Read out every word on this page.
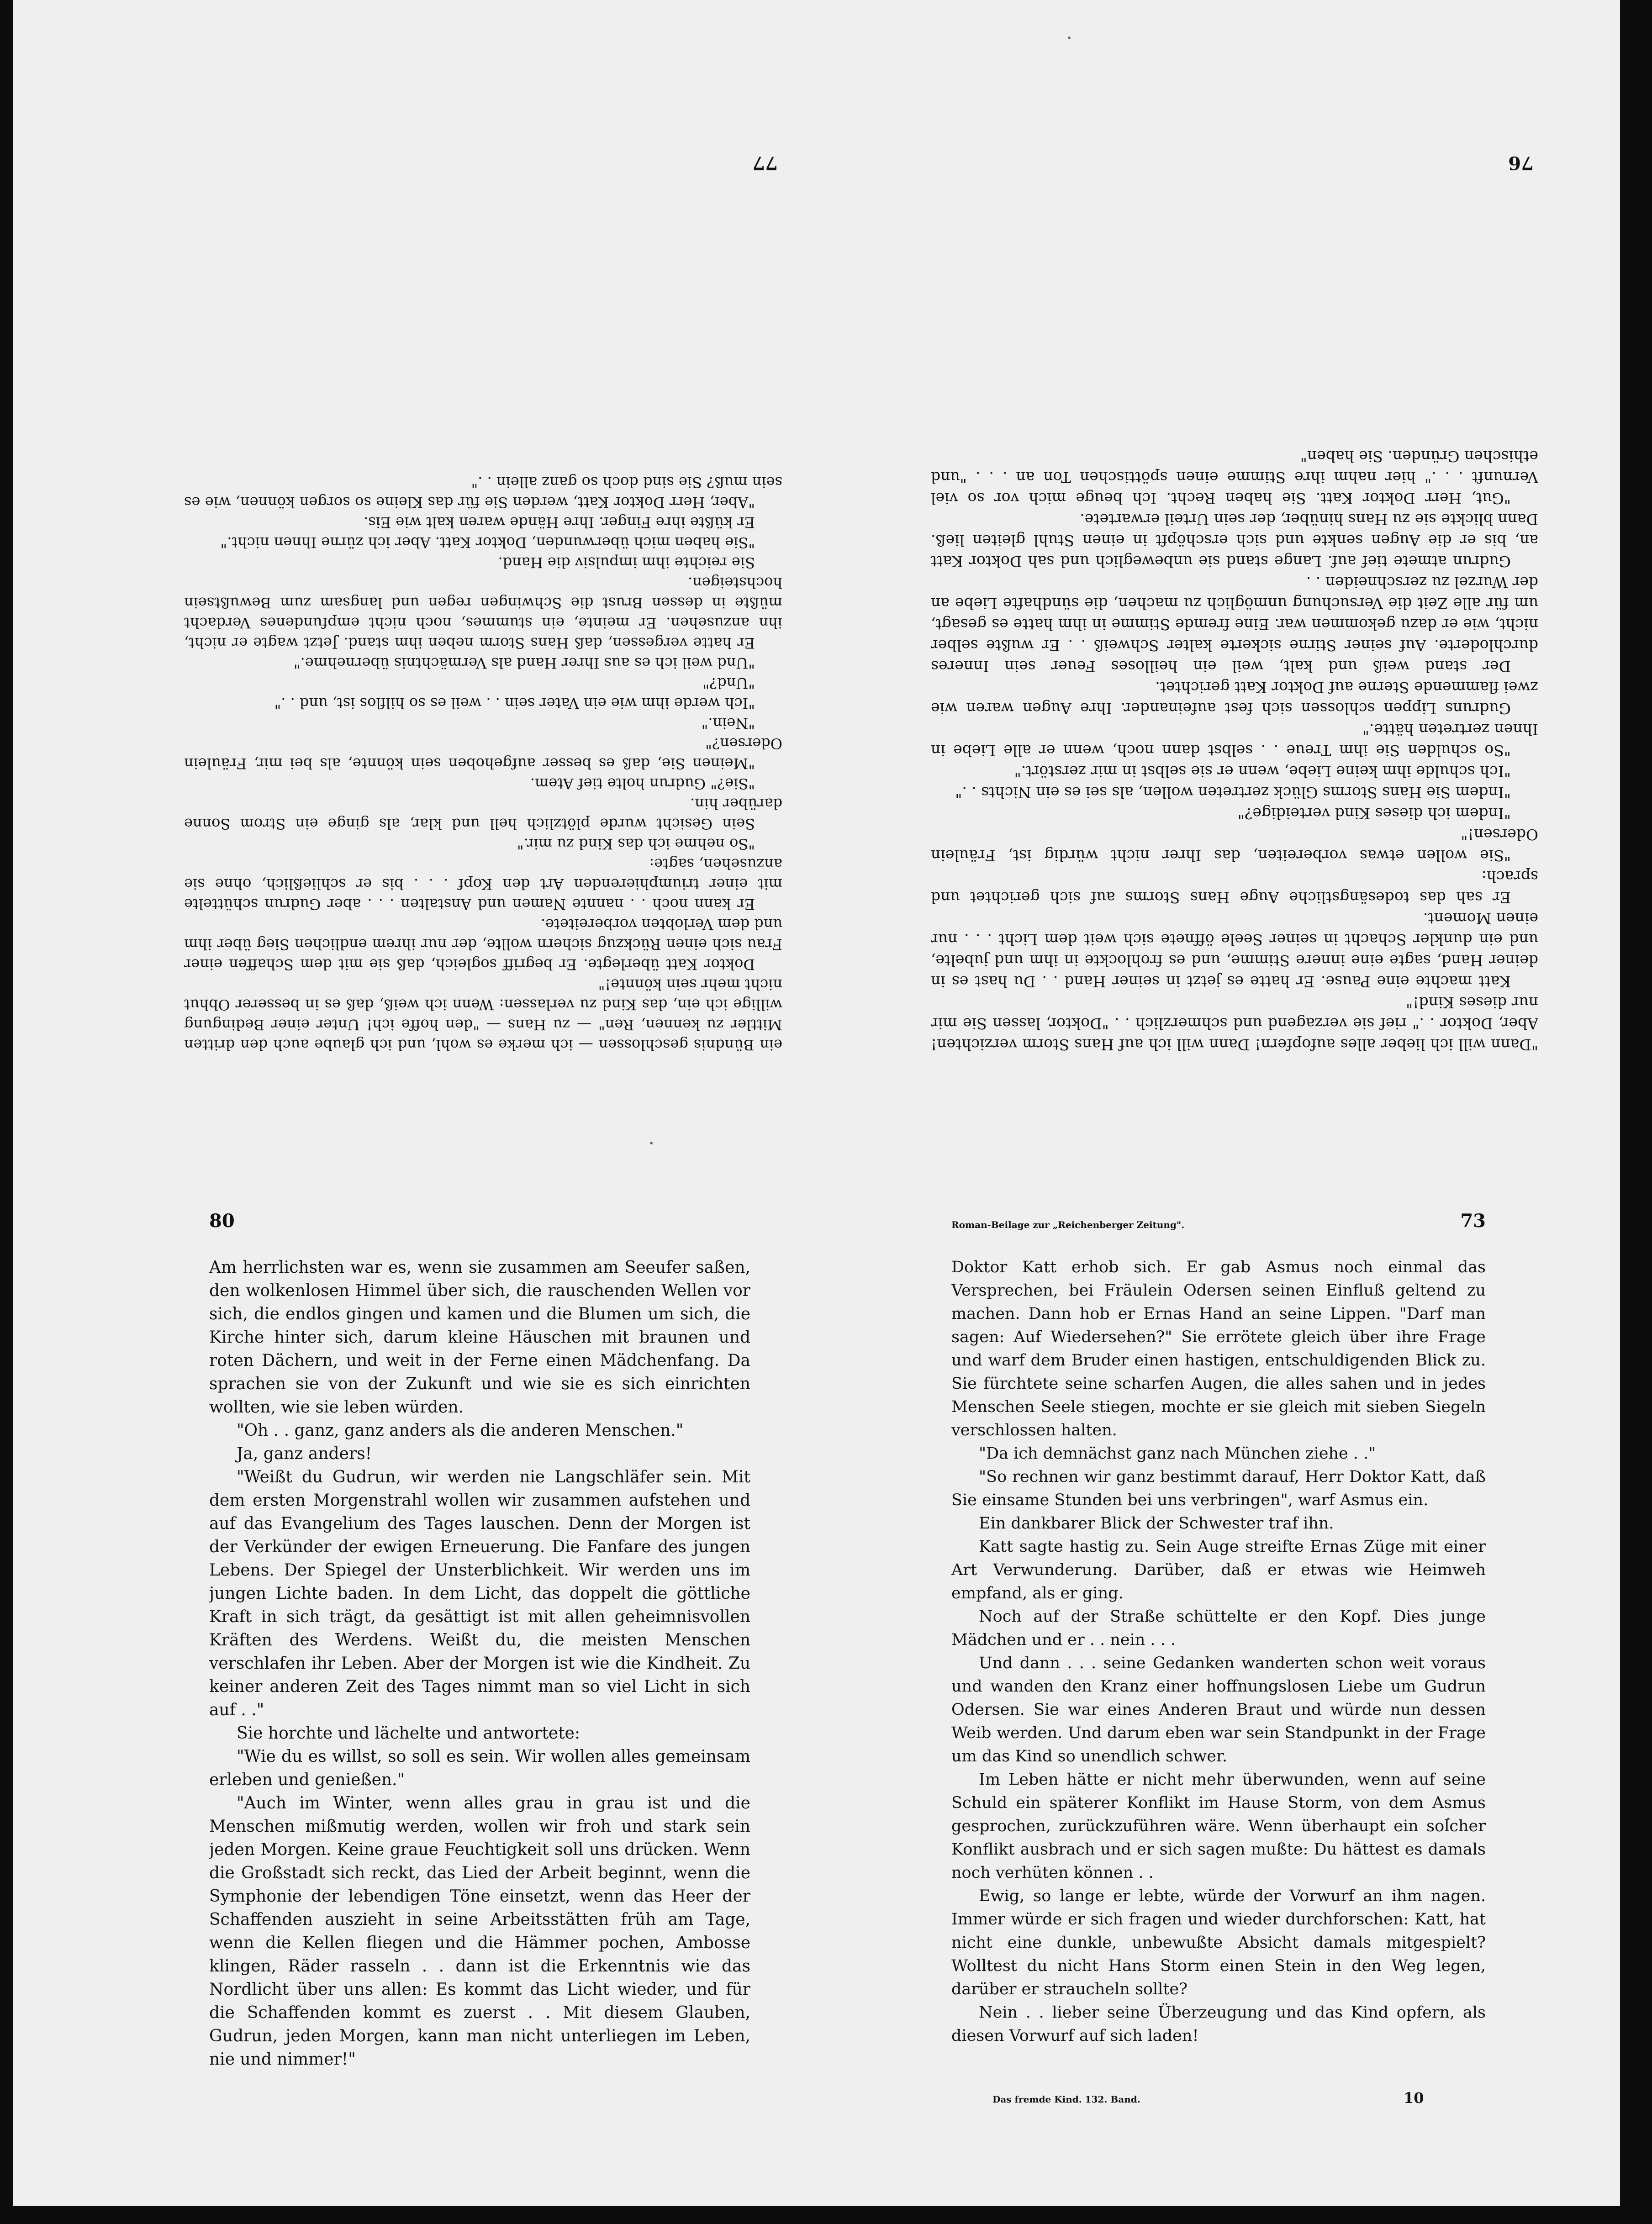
ein Bündnis geschlossen — ich merke es wohl, und ich glaube auch den dritten Mittler zu kennen, Ren" — zu Hans — "den hoffe ich! Unter einer Bedingung willige ich ein, das Kind zu verlassen: Wenn ich weiß, daß es in besserer Obhut nicht mehr sein könnte!"

Doktor Katt überlegte. Er begriff sogleich, daß sie mit dem Schaffen einer Frau sich einen Rückzug sichern wollte, der nur ihrem endlichen Sieg über ihm und dem Verlobten vorbereitete.

Er kann noch . . nannte Namen und Anstalten . . . aber Gudrun schüttelte mit einer triumphierenden Art den Kopf . . . bis er schließlich, ohne sie anzusehen, sagte:

"So nehme ich das Kind zu mir."

Sein Gesicht wurde plötzlich hell und klar, als ginge ein Strom Sonne darüber hin.

"Sie?" Gudrun holte tief Atem.

"Meinen Sie, daß es besser aufgehoben sein könnte, als bei mir, Fräulein Odersen?"

"Nein."

"Ich werde ihm wie ein Vater sein . . weil es so hilflos ist, und . ."

"Und?"

"Und weil ich es aus Ihrer Hand als Vermächtnis übernehme."

Er hatte vergessen, daß Hans Storm neben ihm stand. Jetzt wagte er nicht, ihn anzusehen. Er meinte, ein stummes, noch nicht empfundenes Verdacht müßte in dessen Brust die Schwingen regen und langsam zum Bewußtsein hochsteigen.

Sie reichte ihm impulsiv die Hand.

"Sie haben mich überwunden, Doktor Katt. Aber ich zürne Ihnen nicht."

Er küßte ihre Finger. Ihre Hände waren kalt wie Eis.

"Aber, Herr Doktor Katt, werden Sie für das Kleine so sorgen können, wie es sein muß? Sie sind doch so ganz allein . ."

77

"Dann will ich lieber alles aufopfern! Dann will ich auf Hans Storm verzichten! Aber, Doktor . ." rief sie verzagend und schmerzlich . . "Doktor, lassen Sie mir nur dieses Kind!"

Katt machte eine Pause. Er hatte es jetzt in seiner Hand . . Du hast es in deiner Hand, sagte eine innere Stimme, und es frohlockte in ihm und jubelte, und ein dunkler Schacht in seiner Seele öffnete sich weit dem Licht . . . nur einen Moment.

Er sah das todesängstliche Auge Hans Storms auf sich gerichtet und sprach:

"Sie wollen etwas vorbereiten, das Ihrer nicht würdig ist, Fräulein Odersen!"

"Indem ich dieses Kind verteidige?"

"Indem Sie Hans Storms Glück zertreten wollen, als sei es ein Nichts . ."

"Ich schulde ihm keine Liebe, wenn er sie selbst in mir zerstört."

"So schulden Sie ihm Treue . . selbst dann noch, wenn er alle Liebe in Ihnen zertreten hätte."

Gudruns Lippen schlossen sich fest aufeinander. Ihre Augen waren wie zwei flammende Sterne auf Doktor Katt gerichtet.

Der stand weiß und kalt, weil ein heilloses Feuer sein Inneres durchloderte. Auf seiner Stirne sickerte kalter Schweiß . . Er wußte selber nicht, wie er dazu gekommen war. Eine fremde Stimme in ihm hatte es gesagt, um für alle Zeit die Versuchung unmöglich zu machen, die sündhafte Liebe an der Wurzel zu zerschneiden . .

Gudrun atmete tief auf. Lange stand sie unbeweglich und sah Doktor Katt an, bis er die Augen senkte und sich erschöpft in einen Stuhl gleiten ließ. Dann blickte sie zu Hans hinüber, der sein Urteil erwartete.

"Gut, Herr Doktor Katt. Sie haben Recht. Ich beuge mich vor so viel Vernunft . . ." hier nahm ihre Stimme einen spöttischen Ton an . . . "und ethischen Gründen. Sie haben"

76
80

Am herrlichsten war es, wenn sie zusammen am Seeufer saßen, den wolkenlosen Himmel über sich, die rauschenden Wellen vor sich, die endlos gingen und kamen und die Blumen um sich, die Kirche hinter sich, darum kleine Häuschen mit braunen und roten Dächern, und weit in der Ferne einen Mädchenfang. Da sprachen sie von der Zukunft und wie sie es sich einrichten wollten, wie sie leben würden.

"Oh . . ganz, ganz anders als die anderen Menschen."

Ja, ganz anders!

"Weißt du Gudrun, wir werden nie Langschläfer sein. Mit dem ersten Morgenstrahl wollen wir zusammen aufstehen und auf das Evangelium des Tages lauschen. Denn der Morgen ist der Verkünder der ewigen Erneuerung. Die Fanfare des jungen Lebens. Der Spiegel der Unsterblichkeit. Wir werden uns im jungen Lichte baden. In dem Licht, das doppelt die göttliche Kraft in sich trägt, da gesättigt ist mit allen geheimnisvollen Kräften des Werdens. Weißt du, die meisten Menschen verschlafen ihr Leben. Aber der Morgen ist wie die Kindheit. Zu keiner anderen Zeit des Tages nimmt man so viel Licht in sich auf . ."

Sie horchte und lächelte und antwortete:

"Wie du es willst, so soll es sein. Wir wollen alles gemeinsam erleben und genießen."

"Auch im Winter, wenn alles grau in grau ist und die Menschen mißmutig werden, wollen wir froh und stark sein jeden Morgen. Keine graue Feuchtigkeit soll uns drücken. Wenn die Großstadt sich reckt, das Lied der Arbeit beginnt, wenn die Symphonie der lebendigen Töne einsetzt, wenn das Heer der Schaffenden auszieht in seine Arbeitsstätten früh am Tage, wenn die Kellen fliegen und die Hämmer pochen, Ambosse klingen, Räder rasseln . . dann ist die Erkenntnis wie das Nordlicht über uns allen: Es kommt das Licht wieder, und für die Schaffenden kommt es zuerst . . Mit diesem Glauben, Gudrun, jeden Morgen, kann man nicht unterliegen im Leben, nie und nimmer!"

Roman-Beilage zur „Reichenberger Zeitung".	73

Doktor Katt erhob sich. Er gab Asmus noch einmal das Versprechen, bei Fräulein Odersen seinen Einfluß geltend zu machen. Dann hob er Ernas Hand an seine Lippen. "Darf man sagen: Auf Wiedersehen?" Sie errötete gleich über ihre Frage und warf dem Bruder einen hastigen, entschuldigenden Blick zu. Sie fürchtete seine scharfen Augen, die alles sahen und in jedes Menschen Seele stiegen, mochte er sie gleich mit sieben Siegeln verschlossen halten.

"Da ich demnächst ganz nach München ziehe . ."

"So rechnen wir ganz bestimmt darauf, Herr Doktor Katt, daß Sie einsame Stunden bei uns verbringen", warf Asmus ein.

Ein dankbarer Blick der Schwester traf ihn.

Katt sagte hastig zu. Sein Auge streifte Ernas Züge mit einer Art Verwunderung. Darüber, daß er etwas wie Heimweh empfand, als er ging.

Noch auf der Straße schüttelte er den Kopf. Dies junge Mädchen und er . . nein . . .

Und dann . . . seine Gedanken wanderten schon weit voraus und wanden den Kranz einer hoffnungslosen Liebe um Gudrun Odersen. Sie war eines Anderen Braut und würde nun dessen Weib werden. Und darum eben war sein Standpunkt in der Frage um das Kind so unendlich schwer.

Im Leben hätte er nicht mehr überwunden, wenn auf seine Schuld ein späterer Konflikt im Hause Storm, von dem Asmus gesprochen, zurückzuführen wäre. Wenn überhaupt ein solcher Konflikt ausbrach und er sich sagen mußte: Du hättest es damals noch verhüten können . .

Ewig, so lange er lebte, würde der Vorwurf an ihm nagen. Immer würde er sich fragen und wieder durchforschen: Katt, hat nicht eine dunkle, unbewußte Absicht damals mitgespielt? Wolltest du nicht Hans Storm einen Stein in den Weg legen, darüber er straucheln sollte?

Nein . . lieber seine Überzeugung und das Kind opfern, als diesen Vorwurf auf sich laden!

Das fremde Kind. 132. Band.	10
